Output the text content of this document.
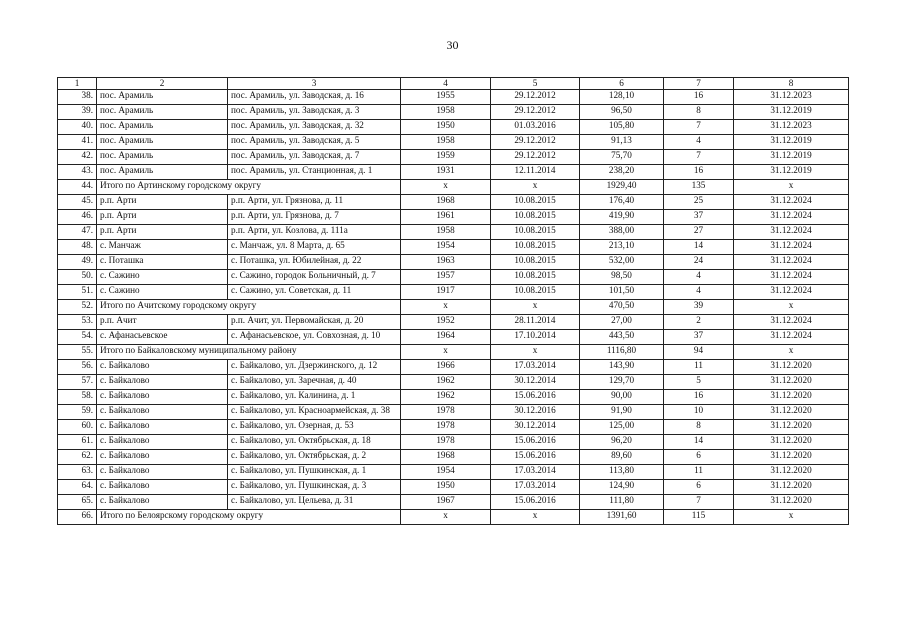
30
1	2	3	4	5	6	7	8
38.	пос. Арамиль	пос. Арамиль, ул. Заводская, д. 16	1955	29.12.2012	128,10	16	31.12.2023
39.	пос. Арамиль	пос. Арамиль, ул. Заводская, д. 3	1958	29.12.2012	96,50	8	31.12.2019
40.	пос. Арамиль	пос. Арамиль, ул. Заводская, д. 32	1950	01.03.2016	105,80	7	31.12.2023
41.	пос. Арамиль	пос. Арамиль, ул. Заводская, д. 5	1958	29.12.2012	91,13	4	31.12.2019
42.	пос. Арамиль	пос. Арамиль, ул. Заводская, д. 7	1959	29.12.2012	75,70	7	31.12.2019
43.	пос. Арамиль	пос. Арамиль, ул. Станционная, д. 1	1931	12.11.2014	238,20	16	31.12.2019
44.	Итого по Артинскому городскому округу		х	х	1929,40	135	х
45.	р.п. Арти	р.п. Арти, ул. Грязнова, д. 11	1968	10.08.2015	176,40	25	31.12.2024
46.	р.п. Арти	р.п. Арти, ул. Грязнова, д. 7	1961	10.08.2015	419,90	37	31.12.2024
47.	р.п. Арти	р.п. Арти, ул. Козлова, д. 111а	1958	10.08.2015	388,00	27	31.12.2024
48.	с. Манчаж	с. Манчаж, ул. 8 Марта, д. 65	1954	10.08.2015	213,10	14	31.12.2024
49.	с. Поташка	с. Поташка, ул. Юбилейная, д. 22	1963	10.08.2015	532,00	24	31.12.2024
50.	с. Сажино	с. Сажино, городок Больничный, д. 7	1957	10.08.2015	98,50	4	31.12.2024
51.	с. Сажино	с. Сажино, ул. Советская, д. 11	1917	10.08.2015	101,50	4	31.12.2024
52.	Итого по Ачитскому городскому округу		х	х	470,50	39	х
53.	р.п. Ачит	р.п. Ачит, ул. Первомайская, д. 20	1952	28.11.2014	27,00	2	31.12.2024
54.	с. Афанасьевское	с. Афанасьевское, ул. Совхозная, д. 10	1964	17.10.2014	443,50	37	31.12.2024
55.	Итого по Байкаловскому муниципальному району		х	х	1116,80	94	х
56.	с. Байкалово	с. Байкалово, ул. Дзержинского, д. 12	1966	17.03.2014	143,90	11	31.12.2020
57.	с. Байкалово	с. Байкалово, ул. Заречная, д. 40	1962	30.12.2014	129,70	5	31.12.2020
58.	с. Байкалово	с. Байкалово, ул. Калинина, д. 1	1962	15.06.2016	90,00	16	31.12.2020
59.	с. Байкалово	с. Байкалово, ул. Красноармейская, д. 38	1978	30.12.2016	91,90	10	31.12.2020
60.	с. Байкалово	с. Байкалово, ул. Озерная, д. 53	1978	30.12.2014	125,00	8	31.12.2020
61.	с. Байкалово	с. Байкалово, ул. Октябрьская, д. 18	1978	15.06.2016	96,20	14	31.12.2020
62.	с. Байкалово	с. Байкалово, ул. Октябрьская, д. 2	1968	15.06.2016	89,60	6	31.12.2020
63.	с. Байкалово	с. Байкалово, ул. Пушкинская, д. 1	1954	17.03.2014	113,80	11	31.12.2020
64.	с. Байкалово	с. Байкалово, ул. Пушкинская, д. 3	1950	17.03.2014	124,90	6	31.12.2020
65.	с. Байкалово	с. Байкалово, ул. Цельева, д. 31	1967	15.06.2016	111,80	7	31.12.2020
66.	Итого по Белоярскому городскому округу		х	х	1391,60	115	х
